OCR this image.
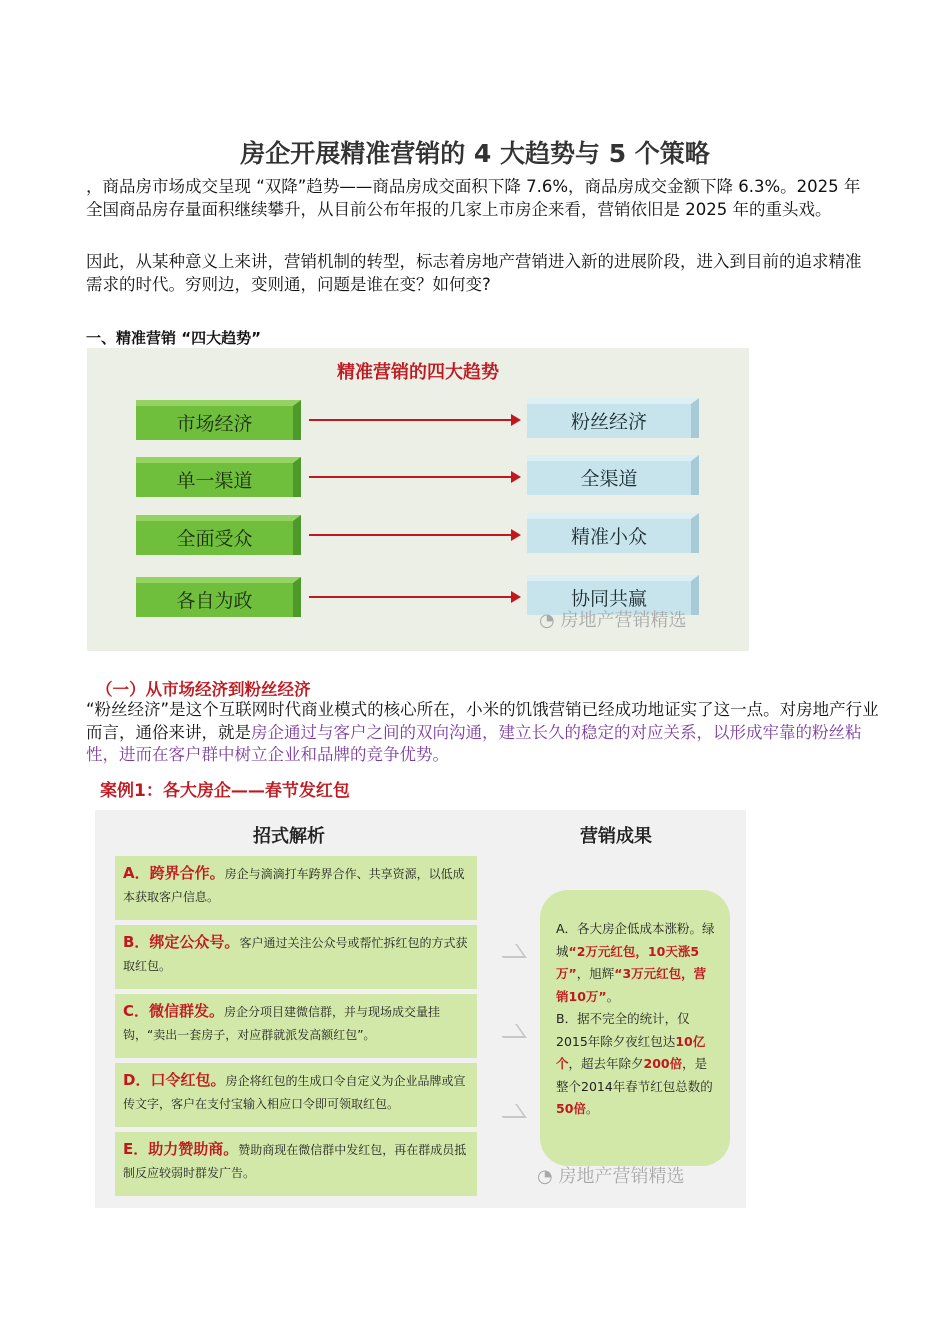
房企开展精准营销的 4 大趋势与 5 个策略
，商品房市场成交呈现 “双降”趋势——商品房成交面积下降 7.6%，商品房成交金额下降 6.3%。2025 年全国商品房存量面积继续攀升，从目前公布年报的几家上市房企来看，营销依旧是 2025 年的重头戏。
因此，从某种意义上来讲，营销机制的转型，标志着房地产营销进入新的进展阶段，进入到目前的追求精准需求的时代。穷则边，变则通，问题是谁在变？如何变?
一、精准营销 “四大趋势”
精准营销的四大趋势
市场经济	粉丝经济
单一渠道	全渠道
全面受众	精准小众
各自为政	协同共赢
◔ 房地产营销精选
（一）从市场经济到粉丝经济
“粉丝经济”是这个互联网时代商业模式的核心所在，小米的饥饿营销已经成功地证实了这一点。对房地产行业而言，通俗来讲，就是房企通过与客户之间的双向沟通，建立长久的稳定的对应关系，以形成牢靠的粉丝粘性，进而在客户群中树立企业和品牌的竞争优势。
案例1：各大房企——春节发红包
招式解析	营销成果
A．跨界合作。房企与滴滴打车跨界合作、共享资源，以低成本获取客户信息。
B．绑定公众号。客户通过关注公众号或帮忙拆红包的方式获取红包。
C．微信群发。房企分项目建微信群，并与现场成交量挂钩，“卖出一套房子，对应群就派发高额红包”。
D．口令红包。房企将红包的生成口令自定义为企业品牌或宣传文字，客户在支付宝输入相应口令即可领取红包。
E．助力赞助商。赞助商现在微信群中发红包，再在群成员抵制反应较弱时群发广告。
A．各大房企低成本涨粉。绿城“2万元红包，10天涨5万”，旭辉“3万元红包，营销10万”。
B．据不完全的统计，仅2015年除夕夜红包达10亿个，超去年除夕200倍，是整个2014年春节红包总数的50倍。
◔ 房地产营销精选
